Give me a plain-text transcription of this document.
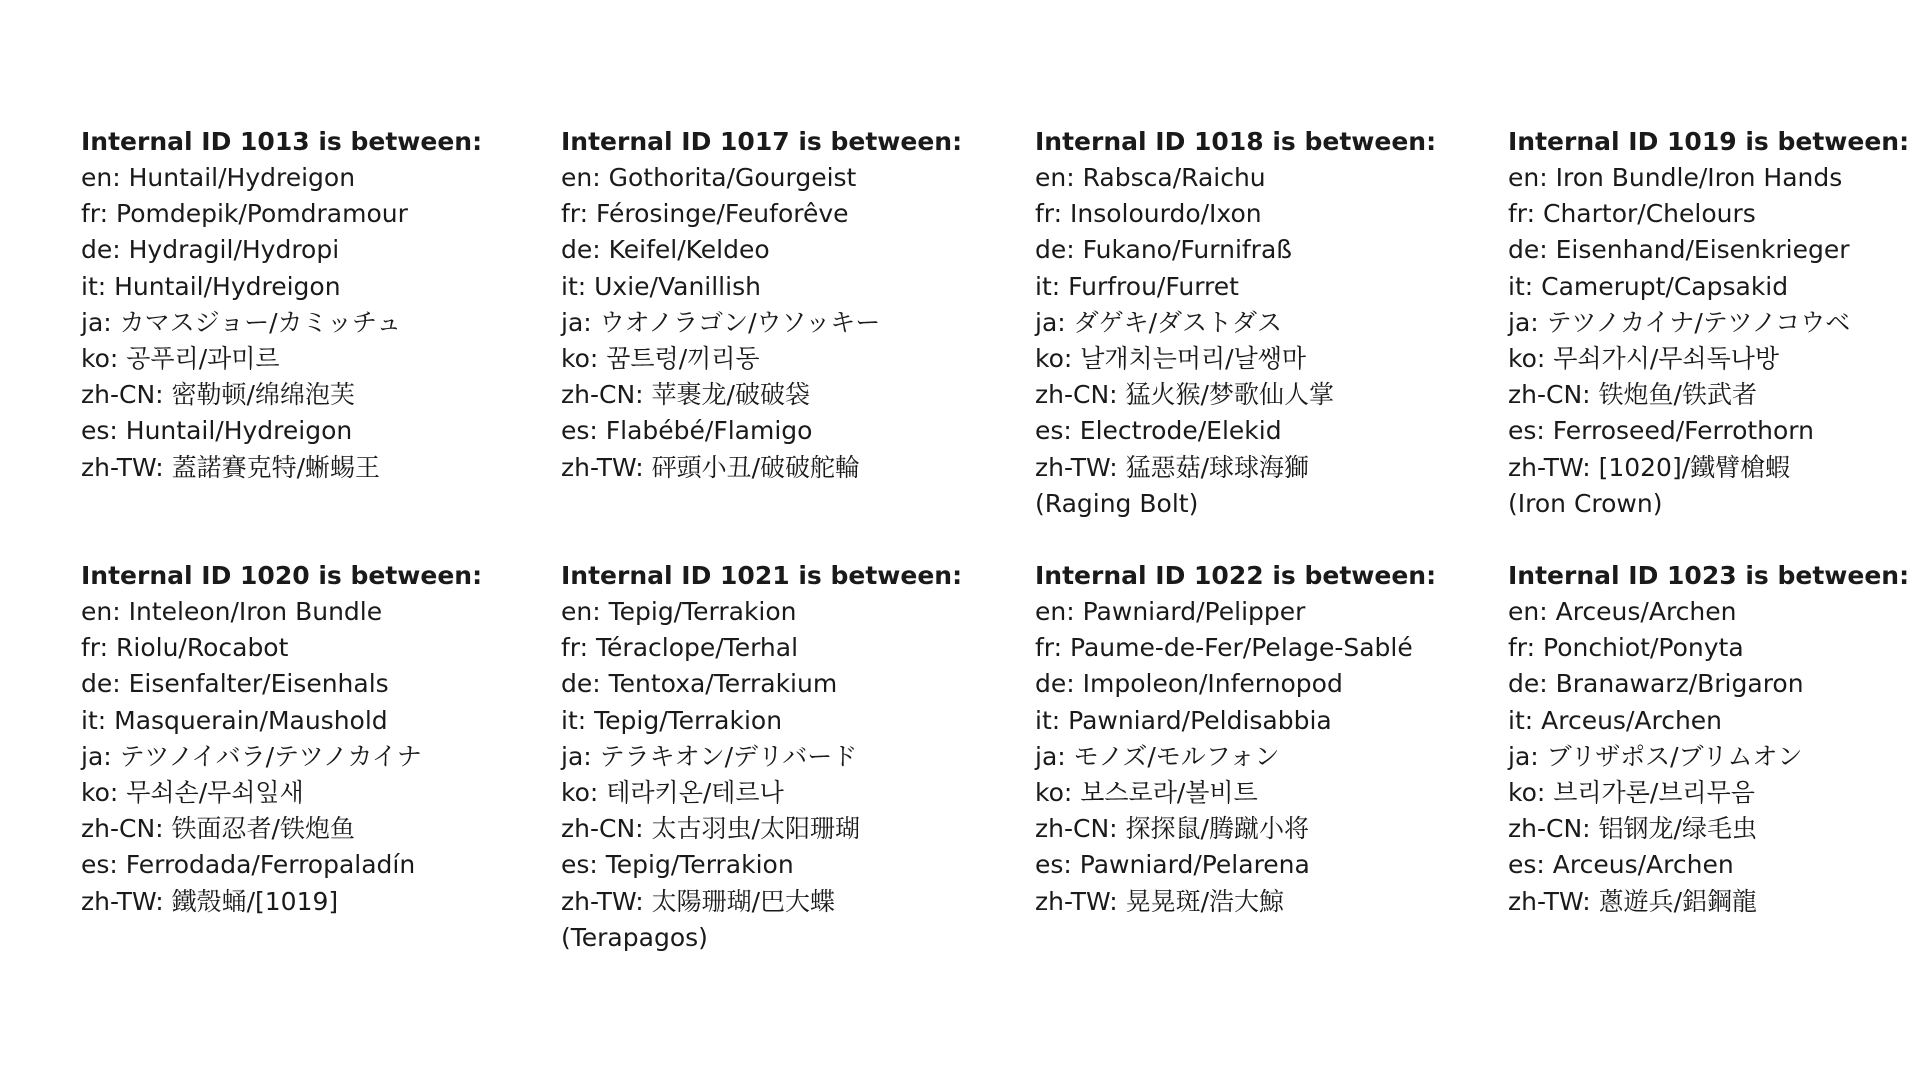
Internal ID 1013 is between:

en: Huntail/Hydreigon

fr: Pomdepik/Pomdramour

de: Hydragil/Hydropi

it: Huntail/Hydreigon

ja: カマスジョー/カミッチュ

ko: 공푸리/과미르

zh-CN: 密勒顿/绵绵泡芙

es: Huntail/Hydreigon

zh-TW: 蓋諾賽克特/蜥蜴王

Internal ID 1017 is between:

en: Gothorita/Gourgeist

fr: Férosinge/Feuforêve

de: Keifel/Keldeo

it: Uxie/Vanillish

ja: ウオノラゴン/ウソッキー

ko: 꿈트렁/끼리동

zh-CN: 苹裹龙/破破袋

es: Flabébé/Flamigo

zh-TW: 砰頭小丑/破破舵輪

Internal ID 1018 is between:

en: Rabsca/Raichu

fr: Insolourdo/Ixon

de: Fukano/Furnifraß

it: Furfrou/Furret

ja: ダゲキ/ダストダス

ko: 날개치는머리/날쌩마

zh-CN: 猛火猴/梦歌仙人掌

es: Electrode/Elekid

zh-TW: 猛惡菇/球球海獅

(Raging Bolt)

Internal ID 1019 is between:

en: Iron Bundle/Iron Hands

fr: Chartor/Chelours

de: Eisenhand/Eisenkrieger

it: Camerupt/Capsakid

ja: テツノカイナ/テツノコウベ

ko: 무쇠가시/무쇠독나방

zh-CN: 铁炮鱼/铁武者

es: Ferroseed/Ferrothorn

zh-TW: [1020]/鐵臂槍蝦

(Iron Crown)

Internal ID 1020 is between:

en: Inteleon/Iron Bundle

fr: Riolu/Rocabot

de: Eisenfalter/Eisenhals

it: Masquerain/Maushold

ja: テツノイバラ/テツノカイナ

ko: 무쇠손/무쇠잎새

zh-CN: 铁面忍者/铁炮鱼

es: Ferrodada/Ferropaladín

zh-TW: 鐵殼蛹/[1019]

Internal ID 1021 is between:

en: Tepig/Terrakion

fr: Téraclope/Terhal

de: Tentoxa/Terrakium

it: Tepig/Terrakion

ja: テラキオン/デリバード

ko: 테라키온/테르나

zh-CN: 太古羽虫/太阳珊瑚

es: Tepig/Terrakion

zh-TW: 太陽珊瑚/巴大蝶

(Terapagos)

Internal ID 1022 is between:

en: Pawniard/Pelipper

fr: Paume-de-Fer/Pelage-Sablé

de: Impoleon/Infernopod

it: Pawniard/Peldisabbia

ja: モノズ/モルフォン

ko: 보스로라/볼비트

zh-CN: 探探鼠/腾蹴小将

es: Pawniard/Pelarena

zh-TW: 晃晃斑/浩大鯨

Internal ID 1023 is between:

en: Arceus/Archen

fr: Ponchiot/Ponyta

de: Branawarz/Brigaron

it: Arceus/Archen

ja: ブリザポス/ブリムオン

ko: 브리가론/브리무음

zh-CN: 铝钢龙/绿毛虫

es: Arceus/Archen

zh-TW: 蔥遊兵/鋁鋼龍
